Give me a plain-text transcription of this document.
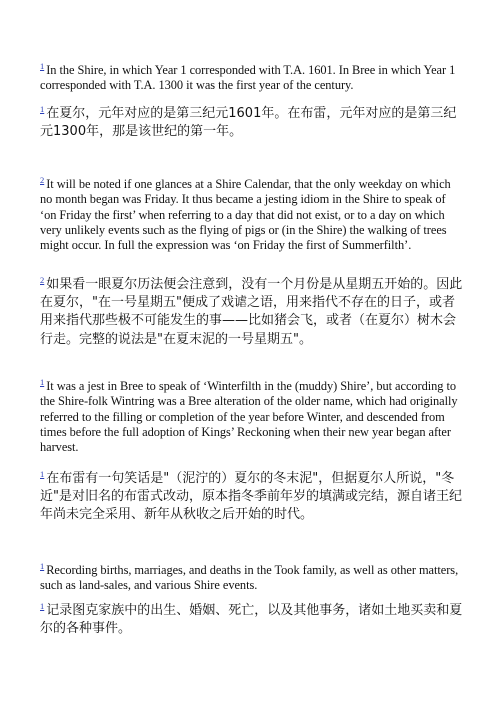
$^1$ In the Shire, in which Year 1 corresponded with T.A. 1601. In Bree in which Year 1 corresponded with T.A. 1300 it was the first year of the century.

$^1$ 在夏尔，元年对应的是第三纪元1601年。在布雷，元年对应的是第三纪元1300年，那是该世纪的第一年。

$^2$ It will be noted if one glances at a Shire Calendar, that the only weekday on which no month began was Friday. It thus became a jesting idiom in the Shire to speak of ‘on Friday the first’ when referring to a day that did not exist, or to a day on which very unlikely events such as the flying of pigs or (in the Shire) the walking of trees might occur. In full the expression was ‘on Friday the first of Summerfilth’.

$^2$ 如果看一眼夏尔历法便会注意到，没有一个月份是从星期五开始的。因此在夏尔，"在一号星期五"便成了戏谑之语，用来指代不存在的日子，或者用来指代那些极不可能发生的事——比如猪会飞，或者（在夏尔）树木会行走。完整的说法是"在夏末泥的一号星期五"。

$^1$ It was a jest in Bree to speak of ‘Winterfilth in the (muddy) Shire’, but according to the Shire-folk Wintring was a Bree alteration of the older name, which had originally referred to the filling or completion of the year before Winter, and descended from times before the full adoption of Kings’ Reckoning when their new year began after harvest.

$^1$ 在布雷有一句笑话是"（泥泞的）夏尔的冬末泥"，但据夏尔人所说，"冬近"是对旧名的布雷式改动，原本指冬季前年岁的填满或完结，源自诸王纪年尚未完全采用、新年从秋收之后开始的时代。

$^1$ Recording births, marriages, and deaths in the Took family, as well as other matters, such as land-sales, and various Shire events.

$^1$ 记录图克家族中的出生、婚姻、死亡，以及其他事务，诸如土地买卖和夏尔的各种事件。
